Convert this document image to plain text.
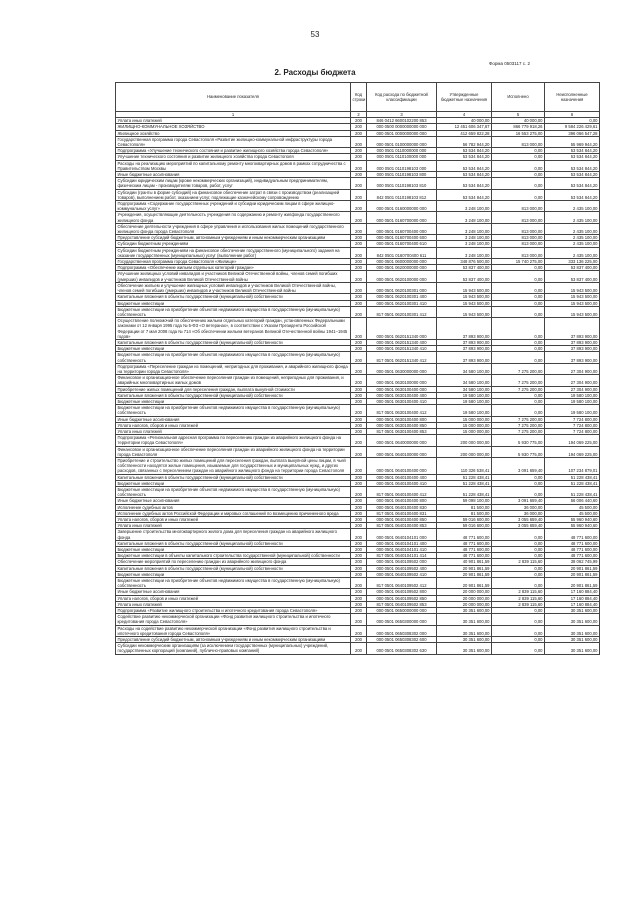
53
Форма 0503117 с. 2
2. Расходы бюджета
Наименование показателя	Код строки	Код расхода по бюджетной классификации	Утвержденные бюджетные назначения	Исполнено	Неисполненные назначения
1	2	3	4	5	6
Уплата иных платежей	200	846 0412 6600102200 853	40 000,00	40 000,00	0,00
ЖИЛИЩНО-КОММУНАЛЬНОЕ ХОЗЯЙСТВО	200	000 0500 0000000000 000	12 451 606 347,67	866 779 918,26	9 584 226 429,61
Жилищное хозяйство	200	000 0501 0000000000 000	412 659 822,28	16 553 275,00	396 066 547,28
Государственная программа города Севастополя «Развитие жилищно-коммунальной инфраструктуры города Севастополя»	200	000 0501 0100000000 000	56 782 944,20	813 000,00	55 969 944,20
Подпрограмма «Улучшение технического состояния и развитие жилищного хозяйства города Севастополя»	200	000 0501 0110000000 000	53 534 844,20	0,00	53 534 844,20
Улучшение технического состояния и развитие жилищного хозяйства города Севастополя	200	000 0501 0110100000 000	53 534 844,20	0,00	53 534 844,20
Расходы на реализацию мероприятий по капитальному ремонту многоквартирных домов в рамках сотрудничества с Правительством Москвы	200	000 0501 0110198103 000	53 534 844,20	0,00	53 534 844,20
Иные бюджетные ассигнования	200	000 0501 0110198103 800	53 534 844,20	0,00	53 534 844,20
Субсидии юридическим лицам (кроме некоммерческих организаций), индивидуальным предпринимателям, физическим лицам - производителям товаров, работ, услуг	200	000 0501 0110198103 810	53 534 844,20	0,00	53 534 844,20
Субсидии (гранты в форме субсидий) на финансовое обеспечение затрат в связи с производством (реализацией товаров), выполнением работ, оказанием услуг, подлежащие казначейскому сопровождению	200	842 0501 0110198103 812	53 534 844,20	0,00	53 534 844,20
Подпрограмма «Содержание государственных учреждений и субсидии юридическим лицам в сфере жилищно-коммунальных услуг»	200	000 0501 0160000000 000	3 248 100,00	813 000,00	2 435 100,00
Учреждения, осуществляющие деятельность учреждения по содержанию и ремонту жилфонда государственного жилищного фонда	200	000 0501 0160700000 000	3 248 100,00	813 000,00	2 435 100,00
Обеспечение деятельности учреждения в сфере управления и использования жилых помещений государственного жилищного фонда города Севастополя	200	000 0501 0160700400 000	3 248 100,00	813 000,00	2 435 100,00
Предоставление субсидий бюджетным, автономным учреждениям и иным некоммерческим организациям	200	000 0501 0160700400 600	3 248 100,00	813 000,00	2 435 100,00
Субсидии бюджетным учреждениям	200	000 0501 0160700400 610	3 248 100,00	813 000,00	2 435 100,00
Субсидии бюджетным учреждениям на финансовое обеспечение государственного (муниципального) задания на оказание государственных (муниципальных) услуг (выполнение работ)	200	842 0501 0160700400 611	3 248 100,00	813 000,00	2 435 100,00
Государственная программа города Севастополя «Жилище»	200	000 0501 0600000000 000	348 876 500,00	15 740 275,00	333 136 225,00
Подпрограмма «Обеспечение жильем отдельных категорий граждан»	200	000 0501 0620000000 000	53 837 400,00	0,00	53 837 400,00
Улучшение жилищных условий инвалидов и участников Великой Отечественной войны, членов семей погибших (умерших) инвалидов и участников Великой Отечественной войны	200	000 0501 0620100000 000	53 837 400,00	0,00	53 837 400,00
Обеспечение жильем и улучшение жилищных условий инвалидов и участников Великой Отечественной войны, членов семей погибших (умерших) инвалидов и участников Великой Отечественной войны	200	000 0501 0620100301 000	15 943 500,00	0,00	15 943 500,00
Капитальные вложения в объекты государственной (муниципальной) собственности	200	000 0501 0620100301 400	15 943 500,00	0,00	15 943 500,00
Бюджетные инвестиции	200	000 0501 0620100301 410	15 943 500,00	0,00	15 943 500,00
Бюджетные инвестиции на приобретение объектов недвижимого имущества в государственную (муниципальную) собственность	200	817 0501 0620100301 412	15 943 500,00	0,00	15 943 500,00
Осуществление полномочий по обеспечению жильем отдельных категорий граждан, установленных Федеральными законами от 12 января 1995 года № 5-ФЗ «О ветеранах», в соответствии с Указом Президента Российской Федерации от 7 мая 2008 года № 714 «Об обеспечении жильем ветеранов Великой Отечественной войны 1941–1945 годов»	200	000 0501 0620151340 000	37 893 900,00	0,00	37 893 900,00
Капитальные вложения в объекты государственной (муниципальной) собственности	200	000 0501 0620151340 400	37 893 900,00	0,00	37 893 900,00
Бюджетные инвестиции	200	000 0501 0620151340 410	37 893 900,00	0,00	37 893 900,00
Бюджетные инвестиции на приобретение объектов недвижимого имущества в государственную (муниципальную) собственность	200	817 0501 0620151340 412	37 893 900,00	0,00	37 893 900,00
Подпрограмма «Переселение граждан из помещений, непригодных для проживания, и аварийного жилищного фонда на территории города Севастополя»	200	000 0501 0630000000 000	34 580 100,00	7 275 200,00	27 304 900,00
Финансовое и организационное обеспечение переселения граждан из помещений, непригодных для проживания, и аварийных многоквартирных жилых домов	200	000 0501 0630100000 000	34 580 100,00	7 275 200,00	27 304 900,00
Приобретение жилых помещений для переселения граждан, выплата выкупной стоимости	200	000 0501 0630100400 000	34 580 100,00	7 275 200,00	27 304 900,00
Капитальные вложения в объекты государственной (муниципальной) собственности	200	000 0501 0630100400 400	19 580 100,00	0,00	19 580 100,00
Бюджетные инвестиции	200	000 0501 0630100400 410	19 580 100,00	0,00	19 580 100,00
Бюджетные инвестиции на приобретение объектов недвижимого имущества в государственную (муниципальную) собственность	200	817 0501 0630100400 412	19 580 100,00	0,00	19 580 100,00
Иные бюджетные ассигнования	200	000 0501 0630100400 800	15 000 000,00	7 275 200,00	7 724 800,00
Уплата налогов, сборов и иных платежей	200	000 0501 0630100400 850	15 000 000,00	7 275 200,00	7 724 800,00
Уплата иных платежей	200	817 0501 0630100400 853	15 000 000,00	7 275 200,00	7 724 800,00
Подпрограмма «Региональная адресная программа по переселению граждан из аварийного жилищного фонда на территории города Севастополя»	200	000 0501 0640000000 000	200 000 000,00	5 930 775,00	194 069 225,00
Финансовое и организационное обеспечение переселения граждан из аварийного жилищного фонда на территории города Севастополя	200	000 0501 0640100000 000	200 000 000,00	5 930 775,00	194 069 225,00
Приобретение и строительство жилых помещений для переселения граждан, выплата выкупной цены лицам, в чьей собственности находятся жилые помещения, изымаемые для государственных и муниципальных нужд, и других расходов, связанных с переселением граждан из аварийного жилищного фонда на территории города Севастополя	200	000 0501 0640100400 000	110 326 538,41	3 091 659,40	107 234 879,01
Капитальные вложения в объекты государственной (муниципальной) собственности	200	000 0501 0640100400 400	51 228 438,41	0,00	51 228 438,41
Бюджетные инвестиции	200	000 0501 0640100400 410	51 228 438,41	0,00	51 228 438,41
Бюджетные инвестиции на приобретение объектов недвижимого имущества в государственную (муниципальную) собственность	200	817 0501 0640100400 412	51 228 438,41	0,00	51 228 438,41
Иные бюджетные ассигнования	200	000 0501 0640100400 800	59 098 100,00	3 091 659,40	56 006 440,60
Исполнение судебных актов	200	000 0501 0640100400 830	81 500,00	36 000,00	45 500,00
Исполнение судебных актов Российской Федерации и мировых соглашений по возмещению причиненного вреда	200	817 0501 0640100400 831	81 500,00	36 000,00	45 500,00
Уплата налогов, сборов и иных платежей	200	000 0501 0640100400 850	59 016 600,00	3 055 659,40	55 960 940,60
Уплата иных платежей	200	817 0501 0640100400 853	59 016 600,00	3 055 659,40	55 960 940,60
Завершение строительства многоквартирного жилого дома для переселения граждан из аварийного жилищного фонда	200	000 0501 0640104101 000	48 771 600,00	0,00	48 771 600,00
Капитальные вложения в объекты государственной (муниципальной) собственности	200	000 0501 0640104101 400	48 771 600,00	0,00	48 771 600,00
Бюджетные инвестиции	200	000 0501 0640104101 410	48 771 600,00	0,00	48 771 600,00
Бюджетные инвестиции в объекты капитального строительства государственной (муниципальной) собственности	200	817 0501 0640104101 414	48 771 600,00	0,00	48 771 600,00
Обеспечение мероприятий по переселению граждан из аварийного жилищного фонда	200	000 0501 0640109502 000	40 901 861,59	2 839 115,60	38 062 745,99
Капитальные вложения в объекты государственной (муниципальной) собственности	200	000 0501 0640109502 400	20 901 861,59	0,00	20 901 861,59
Бюджетные инвестиции	200	000 0501 0640109502 410	20 901 861,59	0,00	20 901 861,59
Бюджетные инвестиции на приобретение объектов недвижимого имущества в государственную (муниципальную) собственность	200	817 0501 0640109502 412	20 901 861,59	0,00	20 901 861,59
Иные бюджетные ассигнования	200	000 0501 0640109502 800	20 000 000,00	2 839 115,60	17 160 884,40
Уплата налогов, сборов и иных платежей	200	000 0501 0640109502 850	20 000 000,00	2 839 115,60	17 160 884,40
Уплата иных платежей	200	817 0501 0640109502 853	20 000 000,00	2 839 115,60	17 160 884,40
Подпрограмма «Развитие жилищного строительства и ипотечного кредитования города Севастополя»	200	000 0501 0650000000 000	30 351 600,00	0,00	30 351 600,00
Содействие развитию некоммерческой организации «Фонд развития жилищного строительства и ипотечного кредитования города Севастополя»	200	000 0501 0650300000 000	30 351 600,00	0,00	30 351 600,00
Расходы на содействие развитию некоммерческой организации «Фонд развития жилищного строительства и ипотечного кредитования города Севастополя»	200	000 0501 0650308302 000	30 351 600,00	0,00	30 351 600,00
Предоставление субсидий бюджетным, автономным учреждениям и иным некоммерческим организациям	200	000 0501 0650308302 600	30 351 600,00	0,00	30 351 600,00
Субсидии некоммерческим организациям (за исключением государственных (муниципальных) учреждений, государственных корпораций (компаний), публично-правовых компаний)	200	000 0501 0650308302 630	30 351 600,00	0,00	30 351 600,00
